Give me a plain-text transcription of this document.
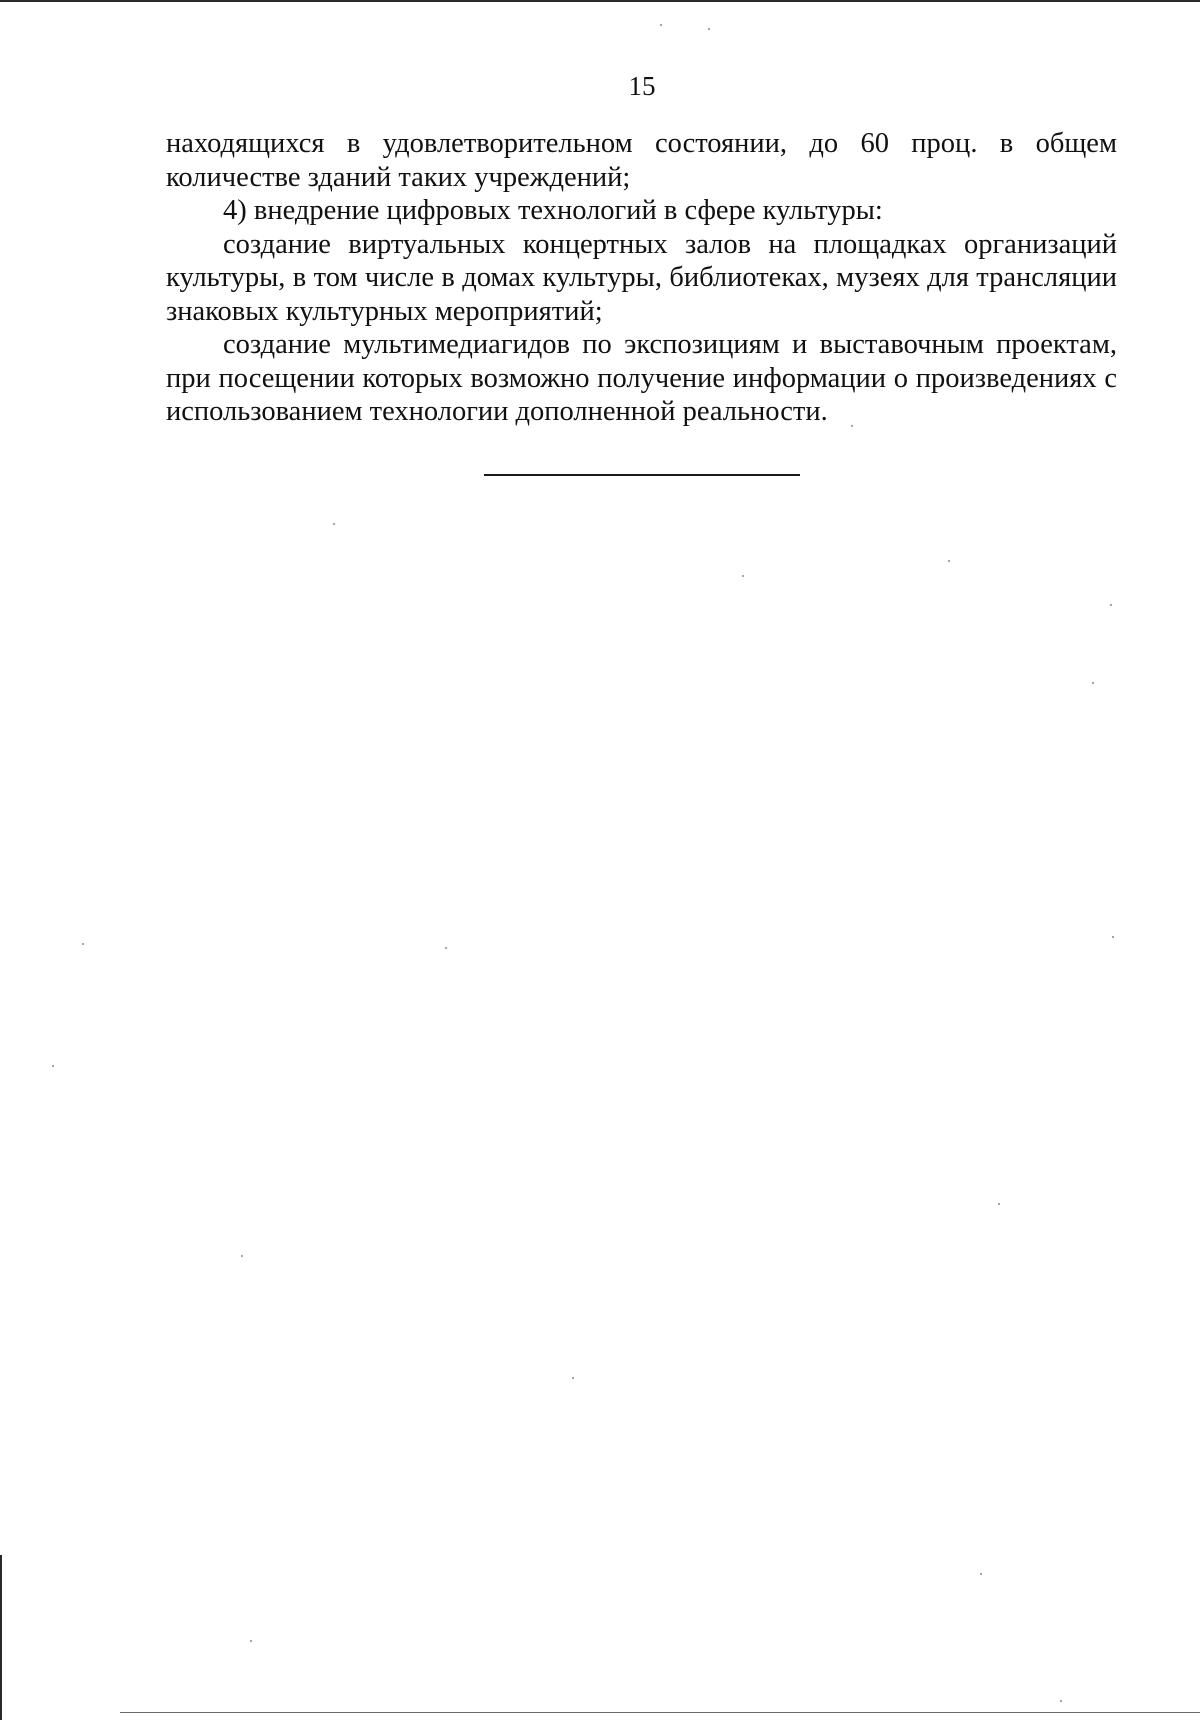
15

находящихся в удовлетворительном состоянии, до 60 проц. в общем количестве зданий таких учреждений;

4) внедрение цифровых технологий в сфере культуры:

создание виртуальных концертных залов на площадках организаций культуры, в том числе в домах культуры, библиотеках, музеях для трансляции знаковых культурных мероприятий;

создание мультимедиагидов по экспозициям и выставочным проектам, при посещении которых возможно получение информации о произведениях с использованием технологии дополненной реальности.
